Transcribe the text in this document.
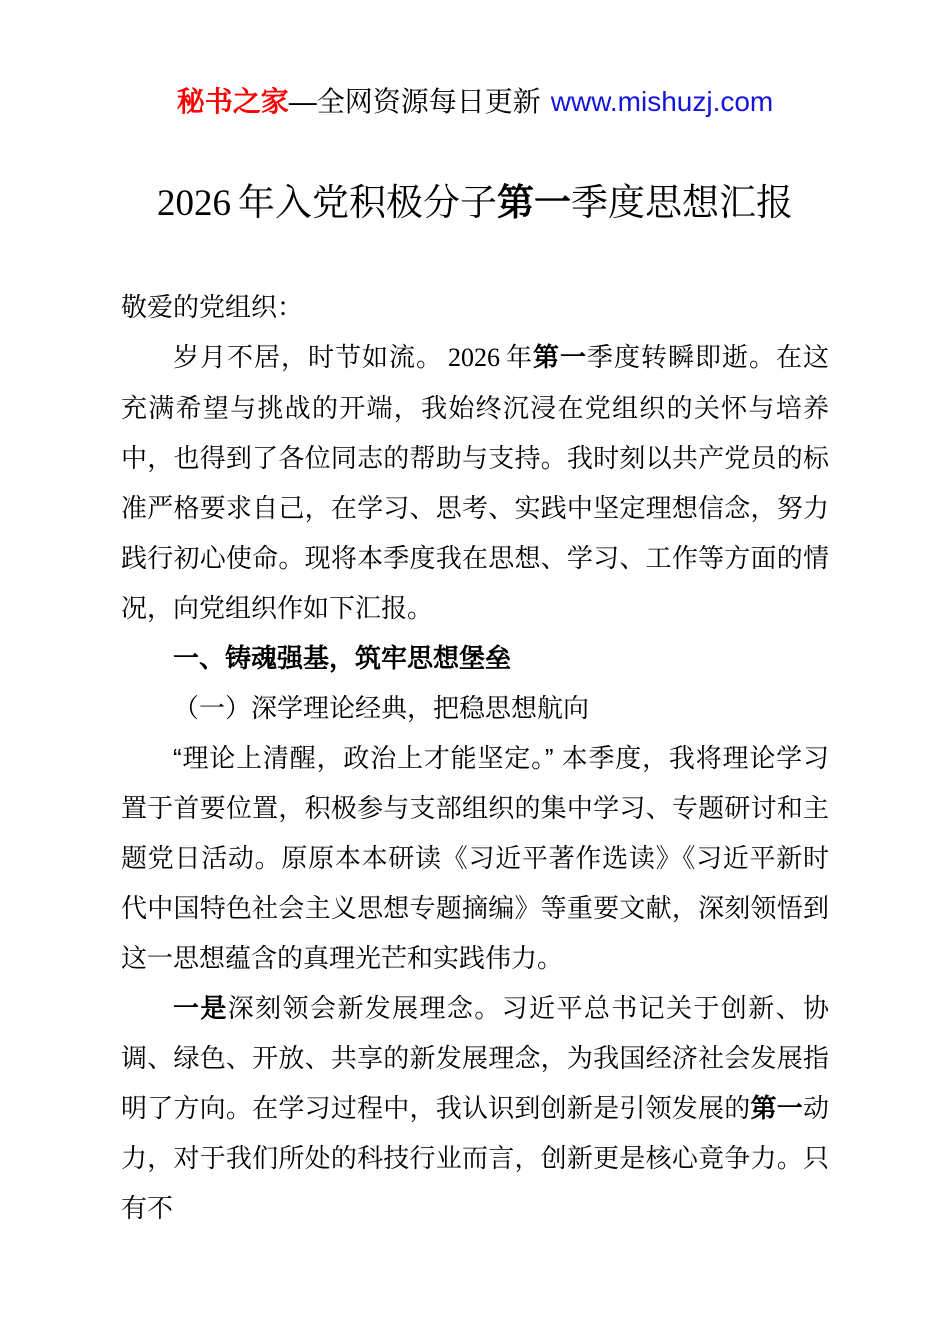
秘书之家—全网资源每日更新 www.mishuzj.com
2026 年入党积极分子第一季度思想汇报

敬爱的党组织：

岁月不居，时节如流。 2026 年第一季度转瞬即逝。在这充满希望与挑战的开端，我始终沉浸在党组织的关怀与培养中，也得到了各位同志的帮助与支持。我时刻以共产党员的标准严格要求自己，在学习、思考、实践中坚定理想信念，努力践行初心使命。现将本季度我在思想、学习、工作等方面的情况，向党组织作如下汇报。

一、铸魂强基，筑牢思想堡垒

（一）深学理论经典，把稳思想航向

“理论上清醒，政治上才能坚定。” 本季度，我将理论学习置于首要位置，积极参与支部组织的集中学习、专题研讨和主题党日活动。原原本本研读《习近平著作选读》《习近平新时代中国特色社会主义思想专题摘编》等重要文献，深刻领悟到这一思想蕴含的真理光芒和实践伟力。

一是深刻领会新发展理念。习近平总书记关于创新、协调、绿色、开放、共享的新发展理念，为我国经济社会发展指明了方向。在学习过程中，我认识到创新是引领发展的第一动力，对于我们所处的科技行业而言，创新更是核心竟争力。只有不
